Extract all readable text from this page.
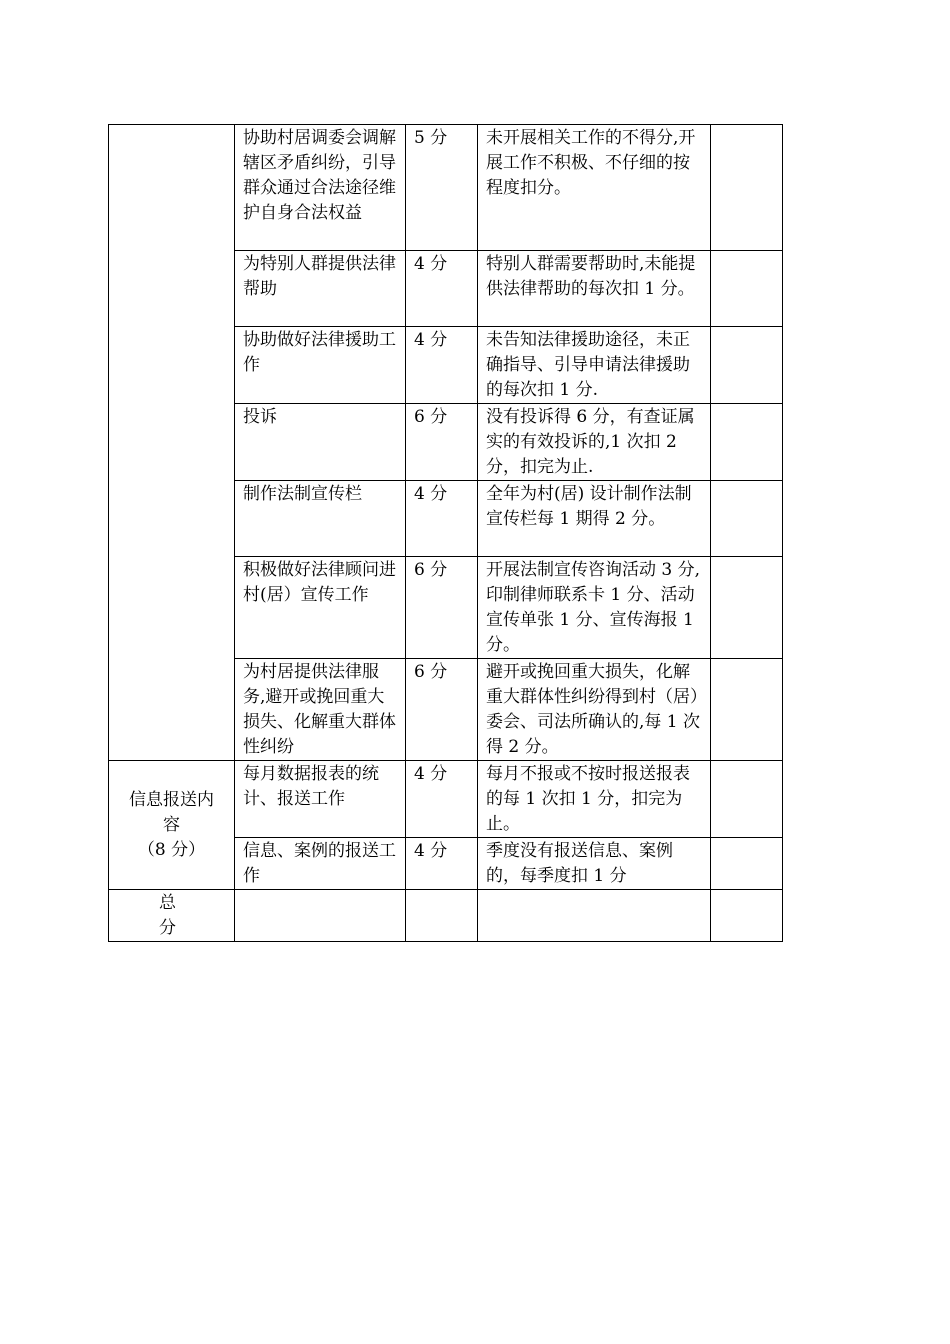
	协助村居调委会调解辖区矛盾纠纷，引导群众通过合法途径维护自身合法权益	5 分	未开展相关工作的不得分,开展工作不积极、不仔细的按程度扣分。	
	为特别人群提供法律帮助	4 分	特别人群需要帮助时,未能提供法律帮助的每次扣 1 分。	
	协助做好法律援助工作	4 分	未告知法律援助途径，未正确指导、引导申请法律援助的每次扣 1 分.	
	投诉	6 分	没有投诉得 6 分，有查证属实的有效投诉的,1 次扣 2 分，扣完为止.	
	制作法制宣传栏	4 分	全年为村(居) 设计制作法制宣传栏每 1 期得 2 分。	
	积极做好法律顾问进村(居）宣传工作	6 分	开展法制宣传咨询活动 3 分,印制律师联系卡 1 分、活动宣传单张 1 分、宣传海报 1 分。	
	为村居提供法律服务,避开或挽回重大损失、化解重大群体性纠纷	6 分	避开或挽回重大损失，化解重大群体性纠纷得到村（居）委会、司法所确认的,每 1 次得 2 分。	

信息报送内
容
（8 分）	每月数据报表的统计、报送工作	4 分	每月不报或不按时报送报表的每 1 次扣 1 分，扣完为止。	
	信息、案例的报送工作	4 分	季度没有报送信息、案例的，每季度扣 1 分	
总分				
